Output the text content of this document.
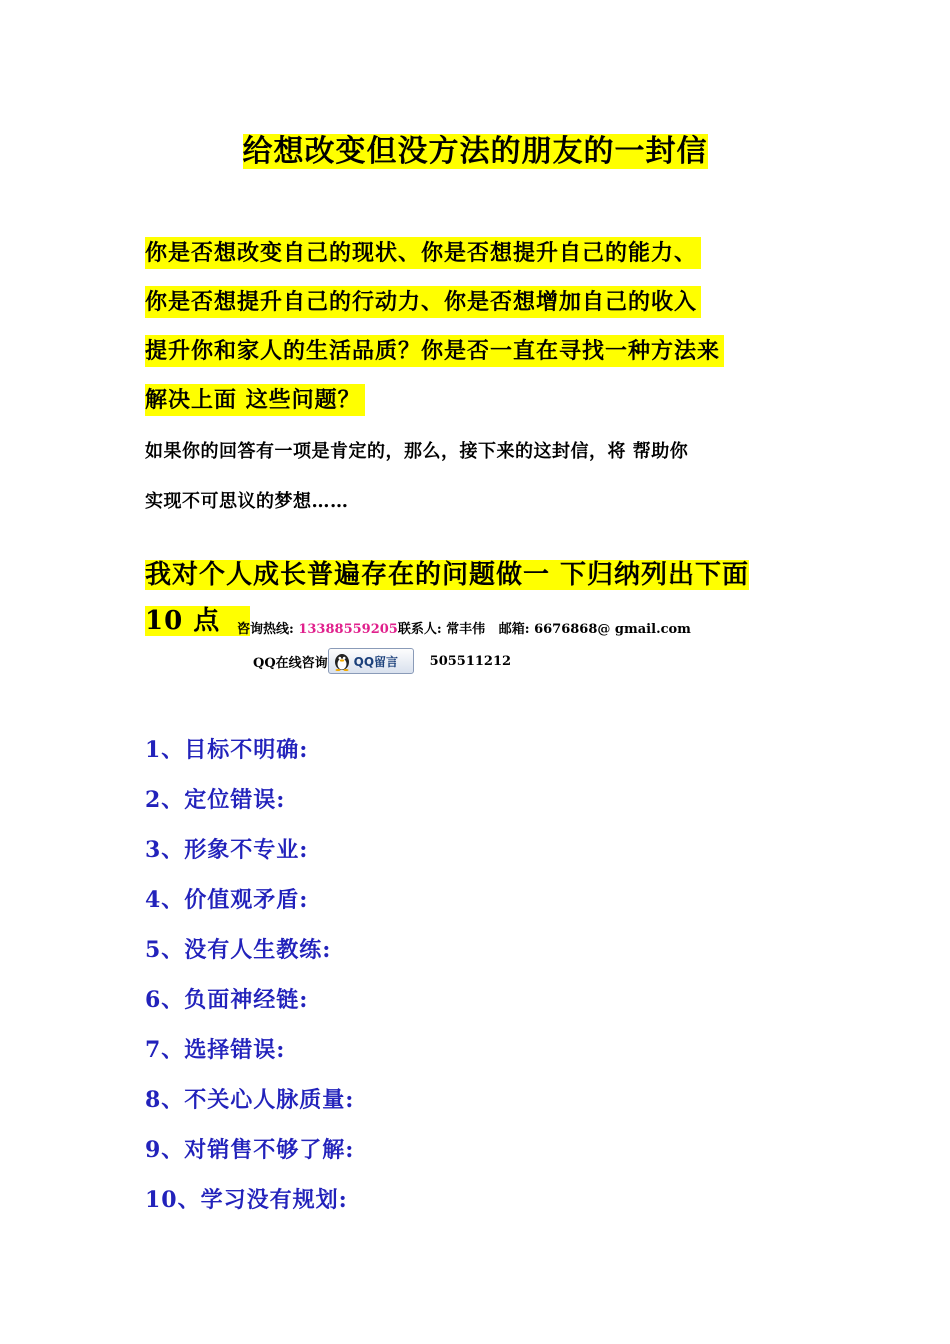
给想改变但没方法的朋友的一封信
你是否想改变自己的现状、你是否想提升自己的能力、
你是否想提升自己的行动力、你是否想增加自己的收入
提升你和家人的生活品质？你是否一直在寻找一种方法来
解决上面 这些问题？
如果你的回答有一项是肯定的，那么，接下来的这封信，将 帮助你
实现不可思议的梦想……
我对个人成长普遍存在的问题做一 下归纳列出下面
10 点	咨询热线: 13388559205联系人: 常丰伟 邮箱: 6676868@ gmail.com
QQ在线咨询 QQ留言 505511212
1、目标不明确:
2、定位错误:
3、形象不专业:
4、价值观矛盾:
5、没有人生教练:
6、负面神经链:
7、选择错误:
8、不关心人脉质量:
9、对销售不够了解:
10、学习没有规划:
